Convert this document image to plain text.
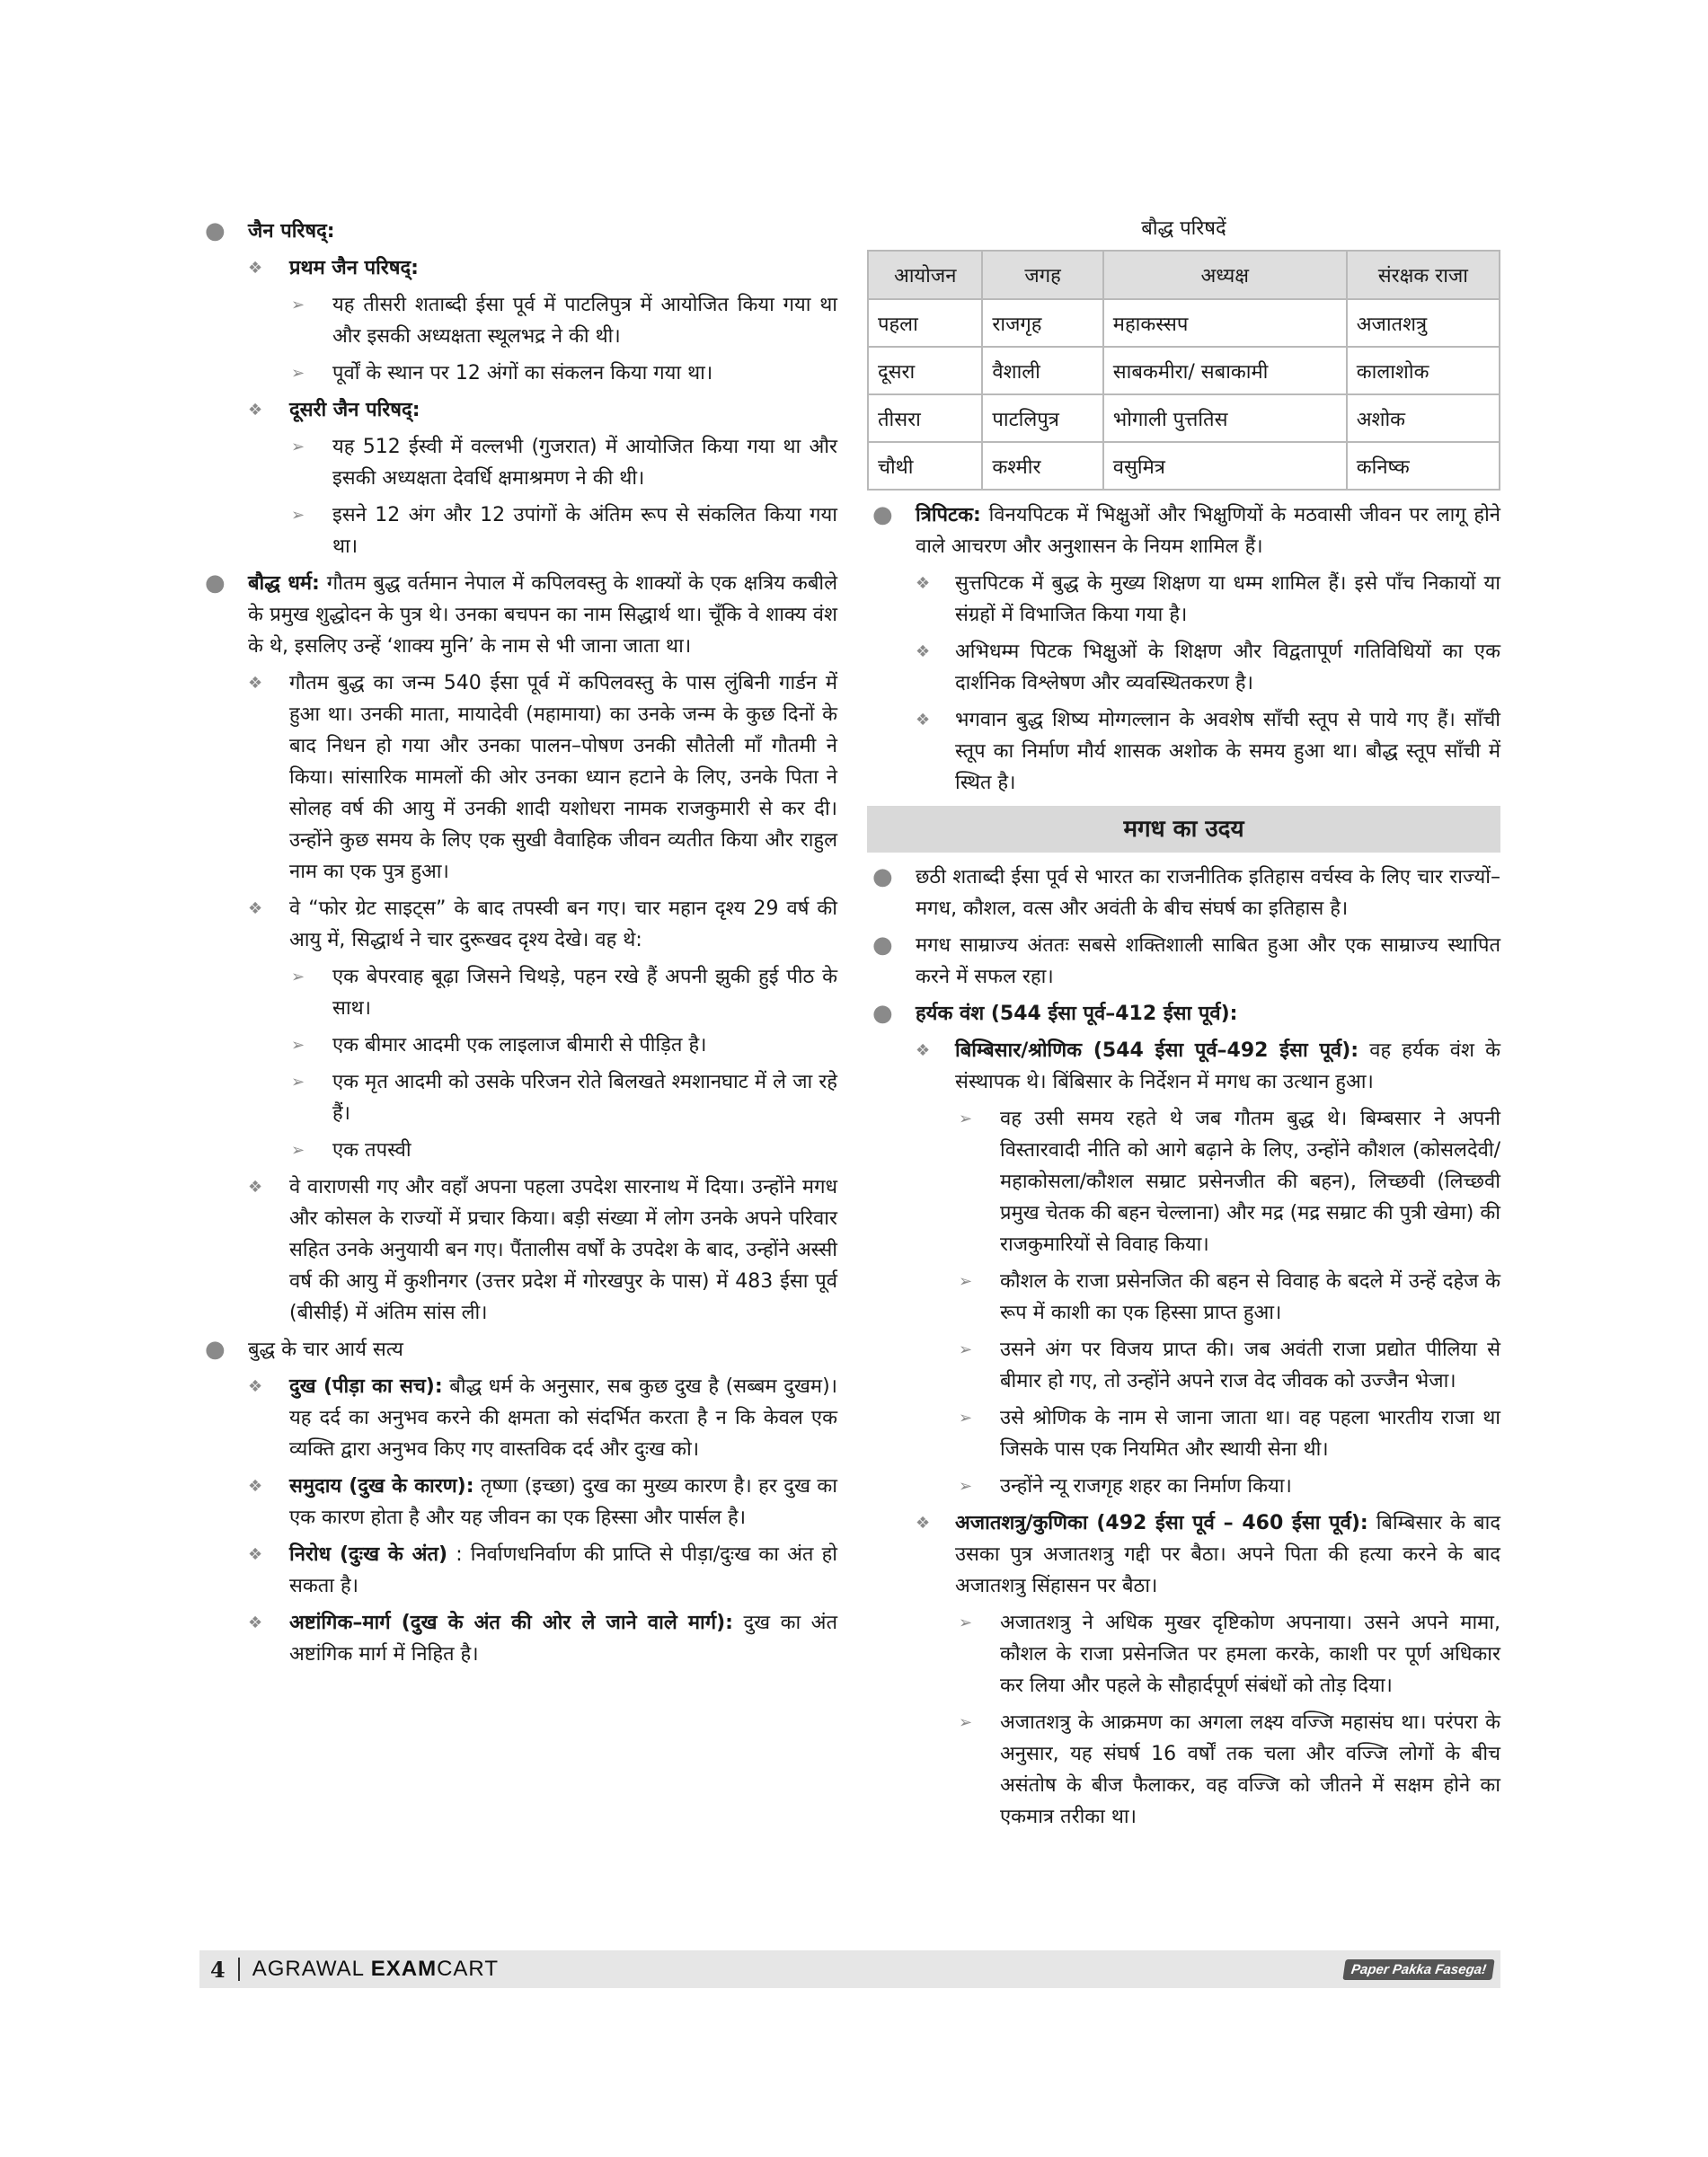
● जैन परिषद्:
❖ प्रथम जैन परिषद्:
➢ यह तीसरी शताब्दी ईसा पूर्व में पाटलिपुत्र में आयोजित किया गया था और इसकी अध्यक्षता स्थूलभद्र ने की थी।
➢ पूर्वों के स्थान पर 12 अंगों का संकलन किया गया था।
❖ दूसरी जैन परिषद्:
➢ यह 512 ईस्वी में वल्लभी (गुजरात) में आयोजित किया गया था और इसकी अध्यक्षता देवर्धि क्षमाश्रमण ने की थी।
➢ इसने 12 अंग और 12 उपांगों के अंतिम रूप से संकलित किया गया था।
● बौद्ध धर्म: गौतम बुद्ध वर्तमान नेपाल में कपिलवस्तु के शाक्यों के एक क्षत्रिय कबीले के प्रमुख शुद्धोदन के पुत्र थे। उनका बचपन का नाम सिद्धार्थ था। चूँकि वे शाक्य वंश के थे, इसलिए उन्हें ‘शाक्य मुनि’ के नाम से भी जाना जाता था।
❖ गौतम बुद्ध का जन्म 540 ईसा पूर्व में कपिलवस्तु के पास लुंबिनी गार्डन में हुआ था। उनकी माता, मायादेवी (महामाया) का उनके जन्म के कुछ दिनों के बाद निधन हो गया और उनका पालन–पोषण उनकी सौतेली माँ गौतमी ने किया। सांसारिक मामलों की ओर उनका ध्यान हटाने के लिए, उनके पिता ने सोलह वर्ष की आयु में उनकी शादी यशोधरा नामक राजकुमारी से कर दी। उन्होंने कुछ समय के लिए एक सुखी वैवाहिक जीवन व्यतीत किया और राहुल नाम का एक पुत्र हुआ।
❖ वे “फोर ग्रेट साइट्स” के बाद तपस्वी बन गए। चार महान दृश्य 29 वर्ष की आयु में, सिद्धार्थ ने चार दुरूखद दृश्य देखे। वह थे:
➢ एक बेपरवाह बूढ़ा जिसने चिथड़े, पहन रखे हैं अपनी झुकी हुई पीठ के साथ।
➢ एक बीमार आदमी एक लाइलाज बीमारी से पीड़ित है।
➢ एक मृत आदमी को उसके परिजन रोते बिलखते श्मशानघाट में ले जा रहे हैं।
➢ एक तपस्वी
❖ वे वाराणसी गए और वहाँ अपना पहला उपदेश सारनाथ में दिया। उन्होंने मगध और कोसल के राज्यों में प्रचार किया। बड़ी संख्या में लोग उनके अपने परिवार सहित उनके अनुयायी बन गए। पैंतालीस वर्षों के उपदेश के बाद, उन्होंने अस्सी वर्ष की आयु में कुशीनगर (उत्तर प्रदेश में गोरखपुर के पास) में 483 ईसा पूर्व (बीसीई) में अंतिम सांस ली।
● बुद्ध के चार आर्य सत्य
❖ दुख (पीड़ा का सच): बौद्ध धर्म के अनुसार, सब कुछ दुख है (सब्बम दुखम)। यह दर्द का अनुभव करने की क्षमता को संदर्भित करता है न कि केवल एक व्यक्ति द्वारा अनुभव किए गए वास्तविक दर्द और दुःख को।
❖ समुदाय (दुख के कारण): तृष्णा (इच्छा) दुख का मुख्य कारण है। हर दुख का एक कारण होता है और यह जीवन का एक हिस्सा और पार्सल है।
❖ निरोध (दुःख के अंत) : निर्वाणधनिर्वाण की प्राप्ति से पीड़ा/दुःख का अंत हो सकता है।
❖ अष्टांगिक–मार्ग (दुख के अंत की ओर ले जाने वाले मार्ग): दुख का अंत अष्टांगिक मार्ग में निहित है।
बौद्ध परिषदें
आयोजन	जगह	अध्यक्ष	संरक्षक राजा
पहला	राजगृह	महाकस्सप	अजातशत्रु
दूसरा	वैशाली	साबकमीरा/ सबाकामी	कालाशोक
तीसरा	पाटलिपुत्र	भोगाली पुत्ततिस	अशोक
चौथी	कश्मीर	वसुमित्र	कनिष्क
● त्रिपिटक: विनयपिटक में भिक्षुओं और भिक्षुणियों के मठवासी जीवन पर लागू होने वाले आचरण और अनुशासन के नियम शामिल हैं।
❖ सुत्तपिटक में बुद्ध के मुख्य शिक्षण या धम्म शामिल हैं। इसे पाँच निकायों या संग्रहों में विभाजित किया गया है।
❖ अभिधम्म पिटक भिक्षुओं के शिक्षण और विद्वतापूर्ण गतिविधियों का एक दार्शनिक विश्लेषण और व्यवस्थितकरण है।
❖ भगवान बुद्ध शिष्य मोग्गल्लान के अवशेष साँची स्तूप से पाये गए हैं। साँची स्तूप का निर्माण मौर्य शासक अशोक के समय हुआ था। बौद्ध स्तूप साँची में स्थित है।
मगध का उदय
● छठी शताब्दी ईसा पूर्व से भारत का राजनीतिक इतिहास वर्चस्व के लिए चार राज्यों–मगध, कौशल, वत्स और अवंती के बीच संघर्ष का इतिहास है।
● मगध साम्राज्य अंततः सबसे शक्तिशाली साबित हुआ और एक साम्राज्य स्थापित करने में सफल रहा।
● हर्यक वंश (544 ईसा पूर्व–412 ईसा पूर्व):
❖ बिम्बिसार/श्रोणिक (544 ईसा पूर्व–492 ईसा पूर्व): वह हर्यक वंश के संस्थापक थे। बिंबिसार के निर्देशन में मगध का उत्थान हुआ।
➢ वह उसी समय रहते थे जब गौतम बुद्ध थे। बिम्बसार ने अपनी विस्तारवादी नीति को आगे बढ़ाने के लिए, उन्होंने कौशल (कोसलदेवी/महाकोसला/कौशल सम्राट प्रसेनजीत की बहन), लिच्छवी (लिच्छवी प्रमुख चेतक की बहन चेल्लाना) और मद्र (मद्र सम्राट की पुत्री खेमा) की राजकुमारियों से विवाह किया।
➢ कौशल के राजा प्रसेनजित की बहन से विवाह के बदले में उन्हें दहेज के रूप में काशी का एक हिस्सा प्राप्त हुआ।
➢ उसने अंग पर विजय प्राप्त की। जब अवंती राजा प्रद्योत पीलिया से बीमार हो गए, तो उन्होंने अपने राज वेद जीवक को उज्जैन भेजा।
➢ उसे श्रोणिक के नाम से जाना जाता था। वह पहला भारतीय राजा था जिसके पास एक नियमित और स्थायी सेना थी।
➢ उन्होंने न्यू राजगृह शहर का निर्माण किया।
❖ अजातशत्रु/कुणिका (492 ईसा पूर्व – 460 ईसा पूर्व): बिम्बिसार के बाद उसका पुत्र अजातशत्रु गद्दी पर बैठा। अपने पिता की हत्या करने के बाद अजातशत्रु सिंहासन पर बैठा।
➢ अजातशत्रु ने अधिक मुखर दृष्टिकोण अपनाया। उसने अपने मामा, कौशल के राजा प्रसेनजित पर हमला करके, काशी पर पूर्ण अधिकार कर लिया और पहले के सौहार्दपूर्ण संबंधों को तोड़ दिया।
➢ अजातशत्रु के आक्रमण का अगला लक्ष्य वज्जि महासंघ था। परंपरा के अनुसार, यह संघर्ष 16 वर्षों तक चला और वज्जि लोगों के बीच असंतोष के बीज फैलाकर, वह वज्जि को जीतने में सक्षम होने का एकमात्र तरीका था।
4 AGRAWAL EXAMCART	Paper Pakka Fasega!
